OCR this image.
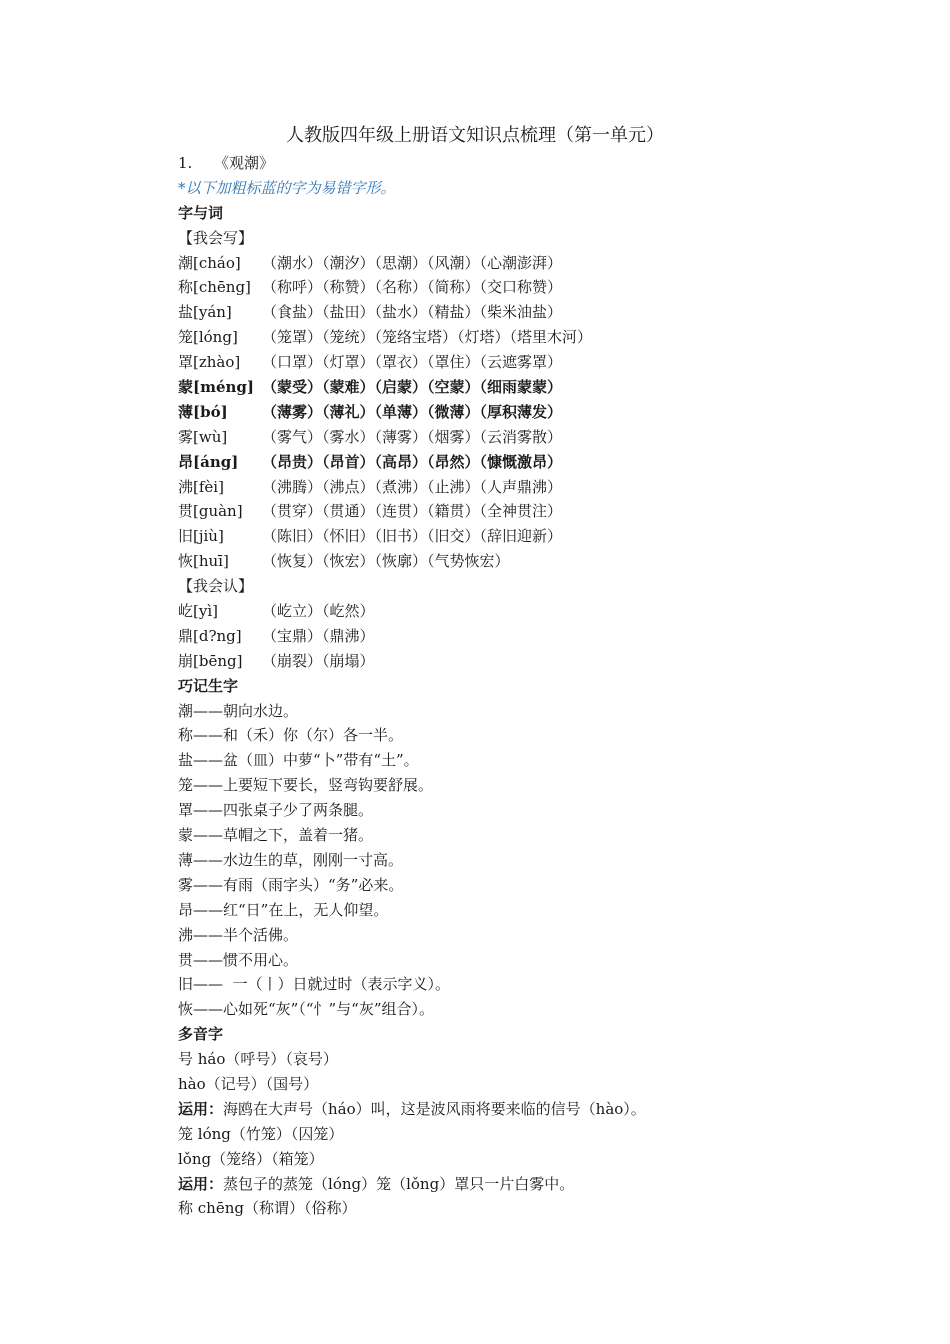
人教版四年级上册语文知识点梳理（第一单元）
1. 《观潮》
*以下加粗标蓝的字为易错字形。
字与词
【我会写】
潮[cháo] （潮水）（潮汐）（思潮）（风潮）（心潮澎湃）
称[chēng] （称呼）（称赞）（名称）（简称）（交口称赞）
盐[yán] （食盐）（盐田）（盐水）（精盐）（柴米油盐）
笼[lóng] （笼罩）（笼统）（笼络宝塔）（灯塔）（塔里木河）
罩[zhào] （口罩）（灯罩）（罩衣）（罩住）（云遮雾罩）
蒙[méng] （蒙受）（蒙难）（启蒙）（空蒙）（细雨蒙蒙）
薄[bó] （薄雾）（薄礼）（单薄）（微薄）（厚积薄发）
雾[wù] （雾气）（雾水）（薄雾）（烟雾）（云消雾散）
昂[áng] （昂贵）（昂首）（高昂）（昂然）（慷慨激昂）
沸[fèi]	（沸腾）（沸点）（煮沸）（止沸）（人声鼎沸）
贯[guàn] （贯穿）（贯通）（连贯）（籍贯）（全神贯注）
旧[jiù]	（陈旧）（怀旧）（旧书）（旧交）（辞旧迎新）
恢[huī] （恢复）（恢宏）（恢廓）（气势恢宏）
【我会认】
屹[yì]	（屹立）（屹然）
鼎[d?ng] （宝鼎）（鼎沸）
崩[bēng] （崩裂）（崩塌）
巧记生字
潮——朝向水边。
称——和（禾）你（尔）各一半。
盐——盆（皿）中萝“卜”带有“土”。
笼——上要短下要长，竖弯钩要舒展。
罩——四张桌子少了两条腿。
蒙——草帽之下，盖着一猪。
薄——水边生的草，刚刚一寸高。
雾——有雨（雨字头）“务”必来。
昂——红“日”在上，无人仰望。
沸——半个活佛。
贯——惯不用心。
旧——  一（丨）日就过时（表示字义）。
恢——心如死“灰”（“忄”与“灰”组合）。
多音字
号 háo（呼号）（哀号）
hào（记号）（国号）
运用：海鸥在大声号（háo）叫，这是波风雨将要来临的信号（hào）。
笼 lóng（竹笼）（囚笼）
lǒng（笼络）（箱笼）
运用：蒸包子的蒸笼（lóng）笼（lǒng）罩只一片白雾中。
称 chēng（称谓）（俗称）
